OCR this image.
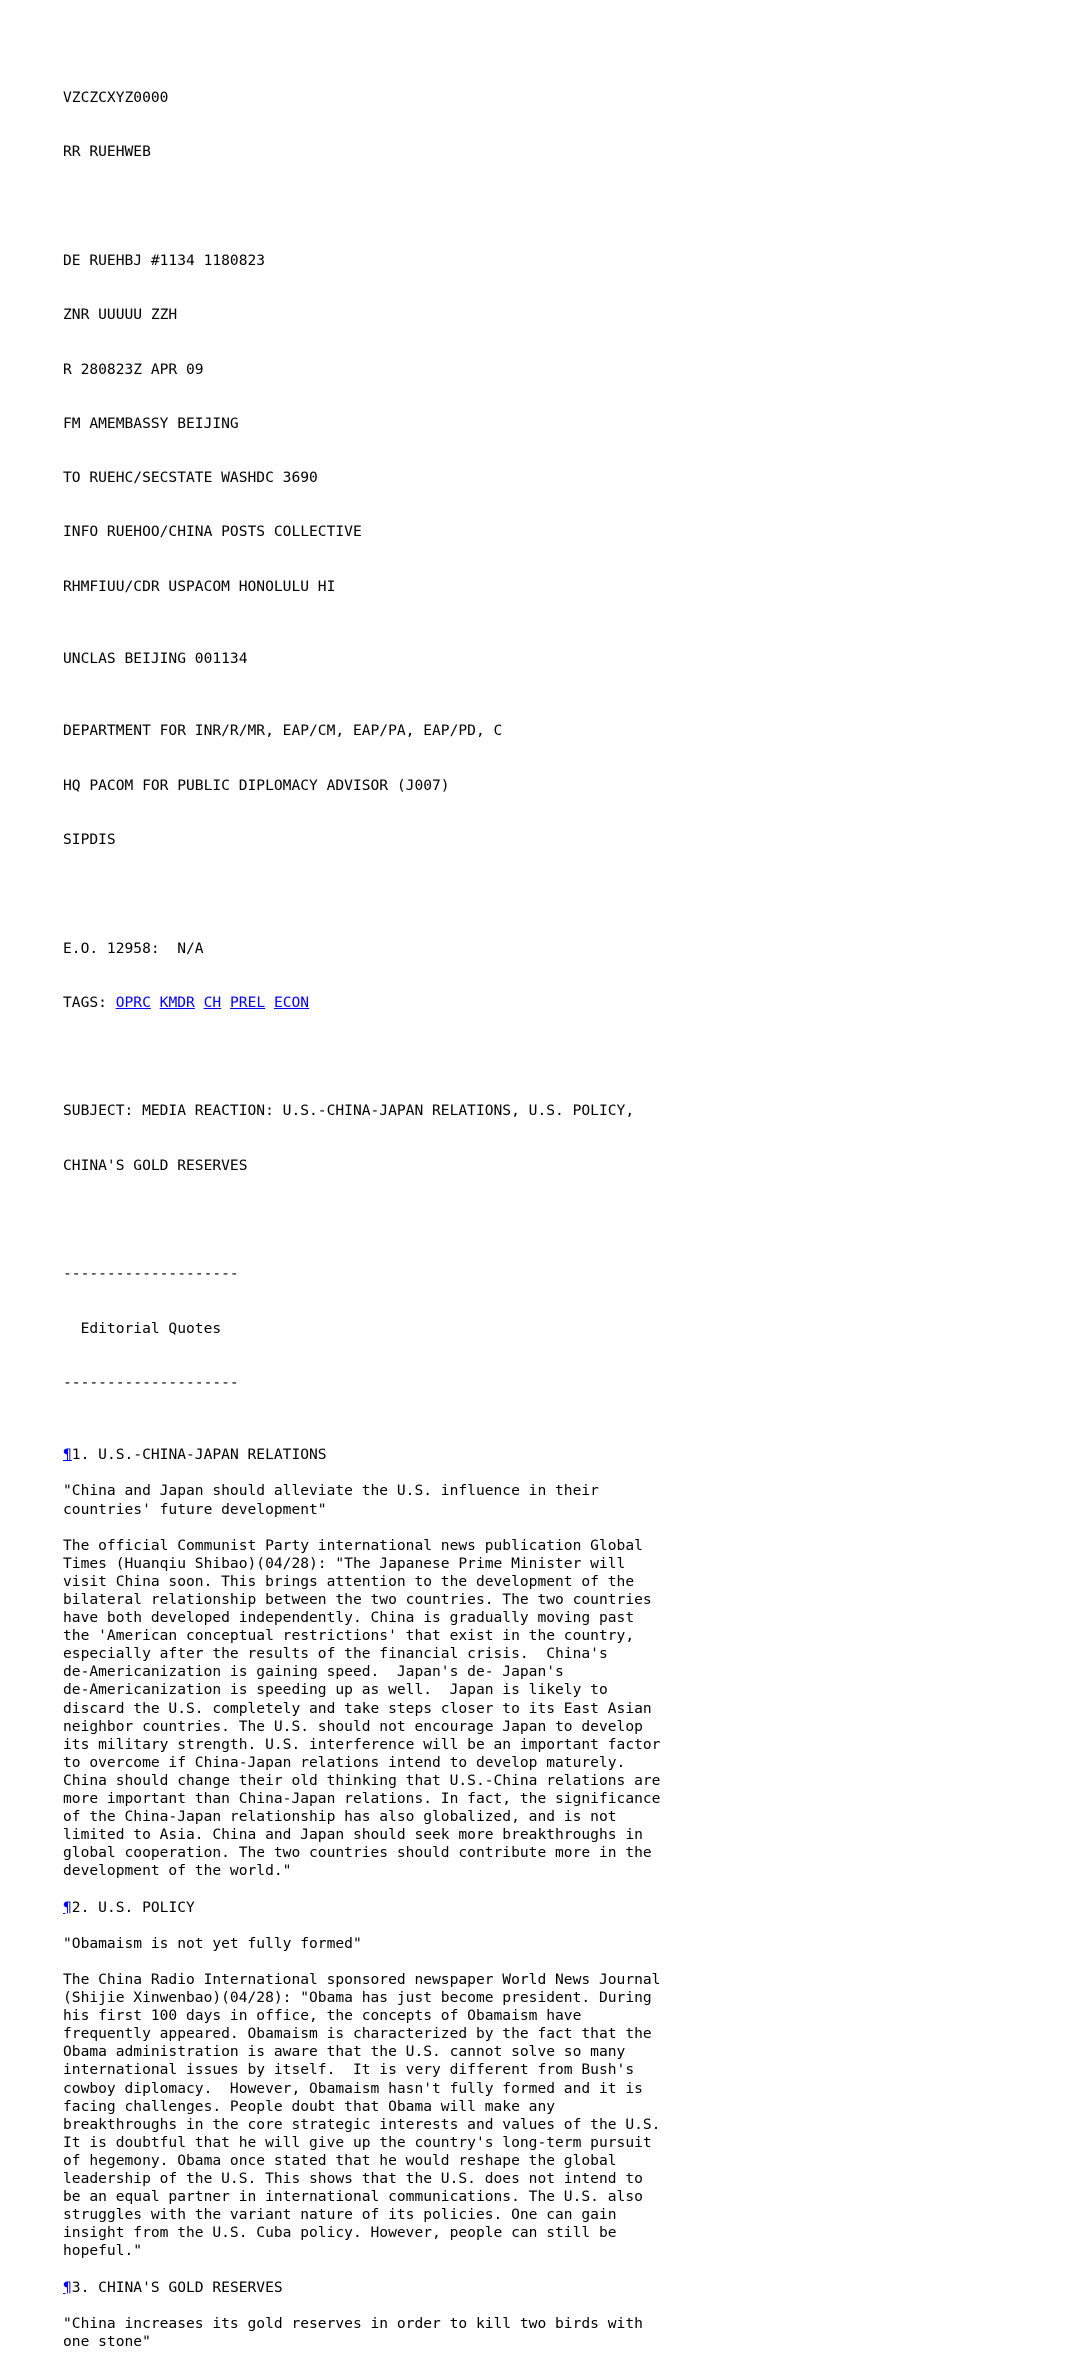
VZCZCXYZ0000

RR RUEHWEB

DE RUEHBJ #1134 1180823

ZNR UUUUU ZZH

R 280823Z APR 09

FM AMEMBASSY BEIJING

TO RUEHC/SECSTATE WASHDC 3690

INFO RUEHOO/CHINA POSTS COLLECTIVE

RHMFIUU/CDR USPACOM HONOLULU HI

UNCLAS BEIJING 001134

DEPARTMENT FOR INR/R/MR, EAP/CM, EAP/PA, EAP/PD, C

HQ PACOM FOR PUBLIC DIPLOMACY ADVISOR (J007)

SIPDIS

E.O. 12958:  N/A

TAGS: OPRC KMDR CH PREL ECON

SUBJECT: MEDIA REACTION: U.S.-CHINA-JAPAN RELATIONS, U.S. POLICY,

CHINA'S GOLD RESERVES

--------------------

Editorial Quotes

--------------------

¶1. U.S.-CHINA-JAPAN RELATIONS
"China and Japan should alleviate the U.S. influence in their
countries' future development"
The official Communist Party international news publication Global
Times (Huanqiu Shibao)(04/28): "The Japanese Prime Minister will
visit China soon. This brings attention to the development of the
bilateral relationship between the two countries. The two countries
have both developed independently. China is gradually moving past
the 'American conceptual restrictions' that exist in the country,
especially after the results of the financial crisis.  China's
de-Americanization is gaining speed.  Japan's de- Japan's
de-Americanization is speeding up as well.  Japan is likely to
discard the U.S. completely and take steps closer to its East Asian
neighbor countries. The U.S. should not encourage Japan to develop
its military strength. U.S. interference will be an important factor
to overcome if China-Japan relations intend to develop maturely.
China should change their old thinking that U.S.-China relations are
more important than China-Japan relations. In fact, the significance
of the China-Japan relationship has also globalized, and is not
limited to Asia. China and Japan should seek more breakthroughs in
global cooperation. The two countries should contribute more in the
development of the world."
¶2. U.S. POLICY
"Obamaism is not yet fully formed"
The China Radio International sponsored newspaper World News Journal
(Shijie Xinwenbao)(04/28): "Obama has just become president. During
his first 100 days in office, the concepts of Obamaism have
frequently appeared. Obamaism is characterized by the fact that the
Obama administration is aware that the U.S. cannot solve so many
international issues by itself.  It is very different from Bush's
cowboy diplomacy.  However, Obamaism hasn't fully formed and it is
facing challenges. People doubt that Obama will make any
breakthroughs in the core strategic interests and values of the U.S.
It is doubtful that he will give up the country's long-term pursuit
of hegemony. Obama once stated that he would reshape the global
leadership of the U.S. This shows that the U.S. does not intend to
be an equal partner in international communications. The U.S. also
struggles with the variant nature of its policies. One can gain
insight from the U.S. Cuba policy. However, people can still be
hopeful."
¶3. CHINA'S GOLD RESERVES
"China increases its gold reserves in order to kill two birds with
one stone"
